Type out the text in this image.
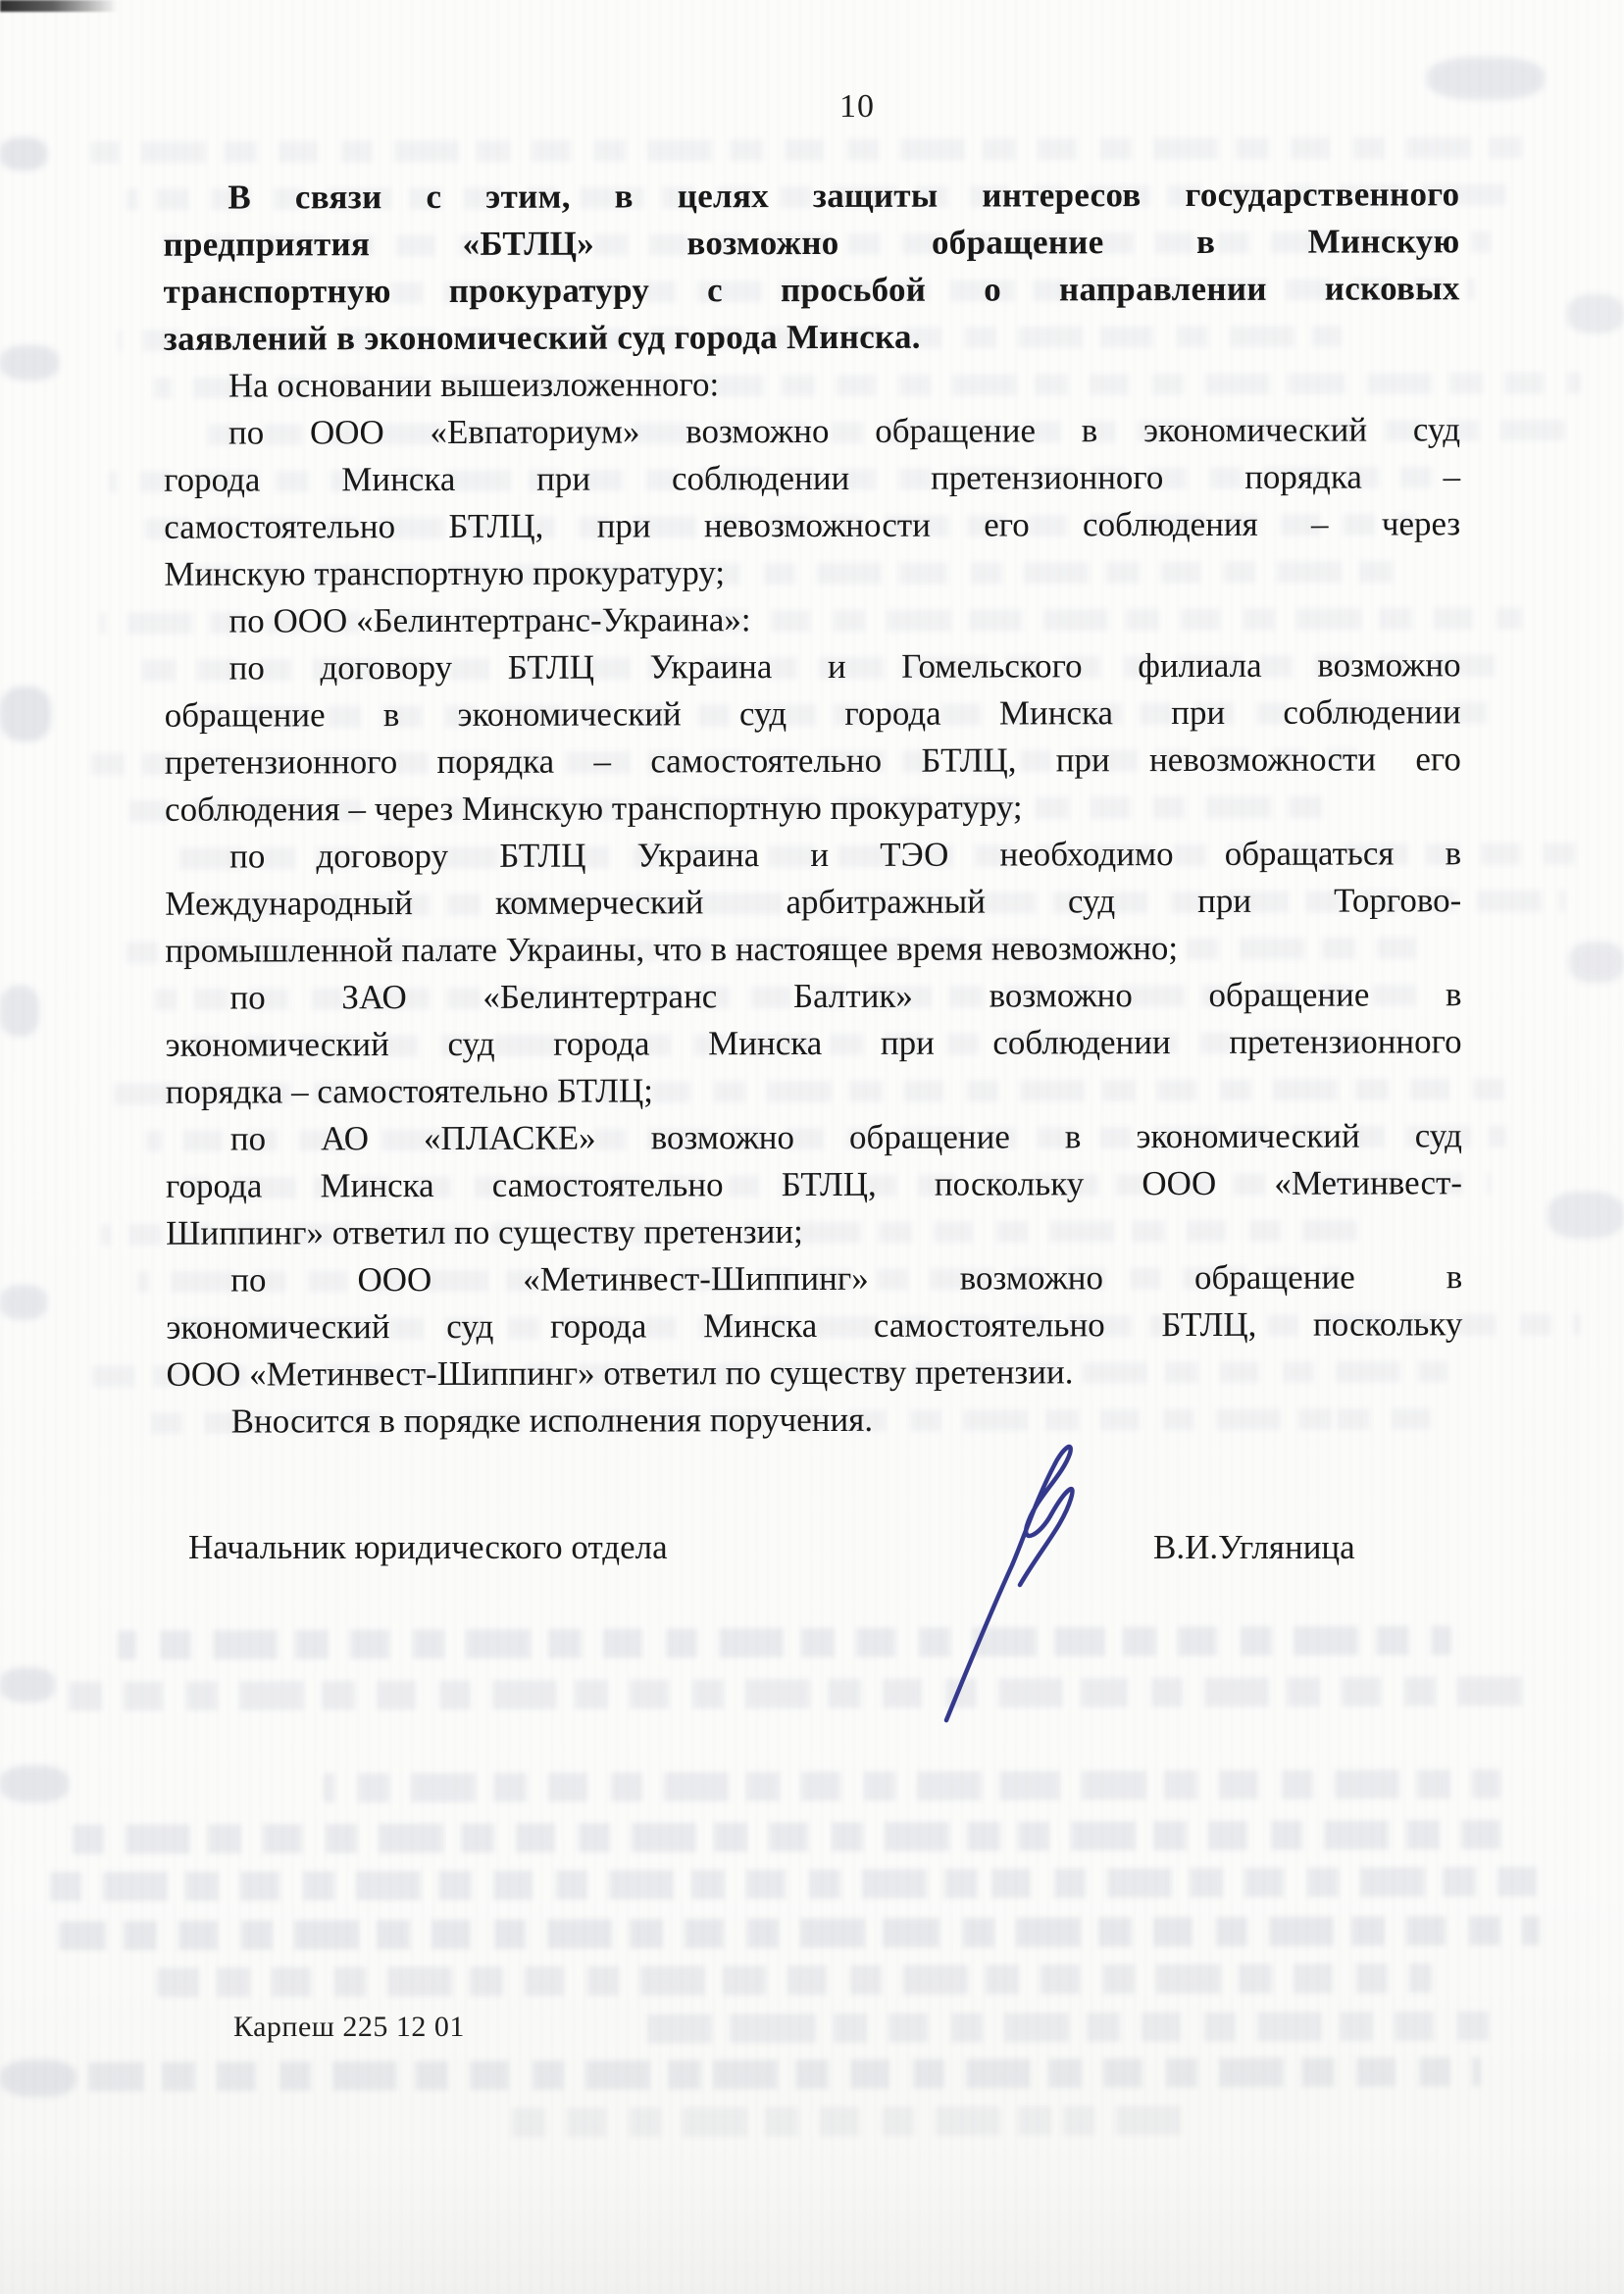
10
В связи с этим, в целях защиты интересов государственного
предприятия «БТЛЦ» возможно обращение в Минскую
транспортную прокуратуру с просьбой о направлении исковых
заявлений в экономический суд города Минска.
На основании вышеизложенного:
по ООО «Евпаториум» возможно обращение в экономический суд
города Минска при соблюдении претензионного порядка –
самостоятельно БТЛЦ, при невозможности его соблюдения – через
Минскую транспортную прокуратуру;
по ООО «Белинтертранс-Украина»:
по договору БТЛЦ Украина и Гомельского филиала возможно
обращение в экономический суд города Минска при соблюдении
претензионного порядка – самостоятельно БТЛЦ, при невозможности его
соблюдения – через Минскую транспортную прокуратуру;
по договору БТЛЦ Украина и ТЭО необходимо обращаться в
Международный коммерческий арбитражный суд при Торгово-
промышленной палате Украины, что в настоящее время невозможно;
по ЗАО «Белинтертранс Балтик» возможно обращение в
экономический суд города Минска при соблюдении претензионного
порядка – самостоятельно БТЛЦ;
по АО «ПЛАСКЕ» возможно обращение в экономический суд
города Минска самостоятельно БТЛЦ, поскольку ООО «Метинвест-
Шиппинг» ответил по существу претензии;
по ООО «Метинвест-Шиппинг» возможно обращение в
экономический суд города Минска самостоятельно БТЛЦ, поскольку
ООО «Метинвест-Шиппинг» ответил по существу претензии.
Вносится в порядке исполнения поручения.
Начальник юридического отдела	В.И.Угляница
Карпеш 225 12 01
